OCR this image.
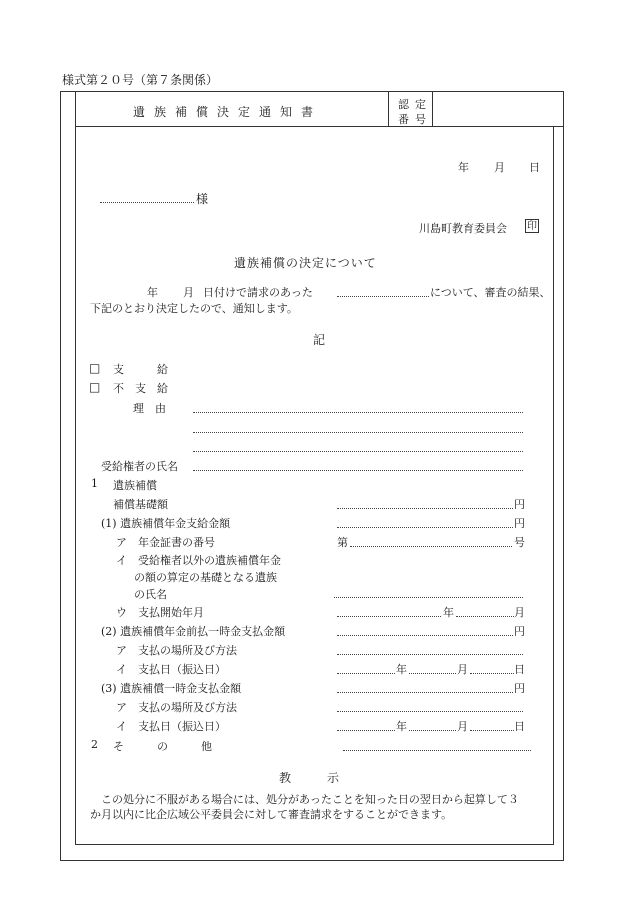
様式第２０号（第７条関係）
遺族補償決定通知書
認定
番号
年 月 日
様
川島町教育委員会 印
遺族補償の決定について
年 月 日付けで請求のあった	について、審査の結果、
下記のとおり決定したので、通知します。
記
□ 支　　　給
□ 不　支　給
理　由
受給権者の氏名
1 遺族補償
補償基礎額	円
(1) 遺族補償年金支給金額	円
ア　年金証書の番号	第	号
イ　受給権者以外の遺族補償年金
の額の算定の基礎となる遺族
の氏名
ウ　支払開始年月	年	月
(2) 遺族補償年金前払一時金支払金額	円
ア　支払の場所及び方法
イ　支払日（振込日）	年	月	日
(3) 遺族補償一時金支払金額	円
ア　支払の場所及び方法
イ　支払日（振込日）	年	月	日
2 そ　　　の　　　他
教　　　示
この処分に不服がある場合には、処分があったことを知った日の翌日から起算して３
か月以内に比企広域公平委員会に対して審査請求をすることができます。
